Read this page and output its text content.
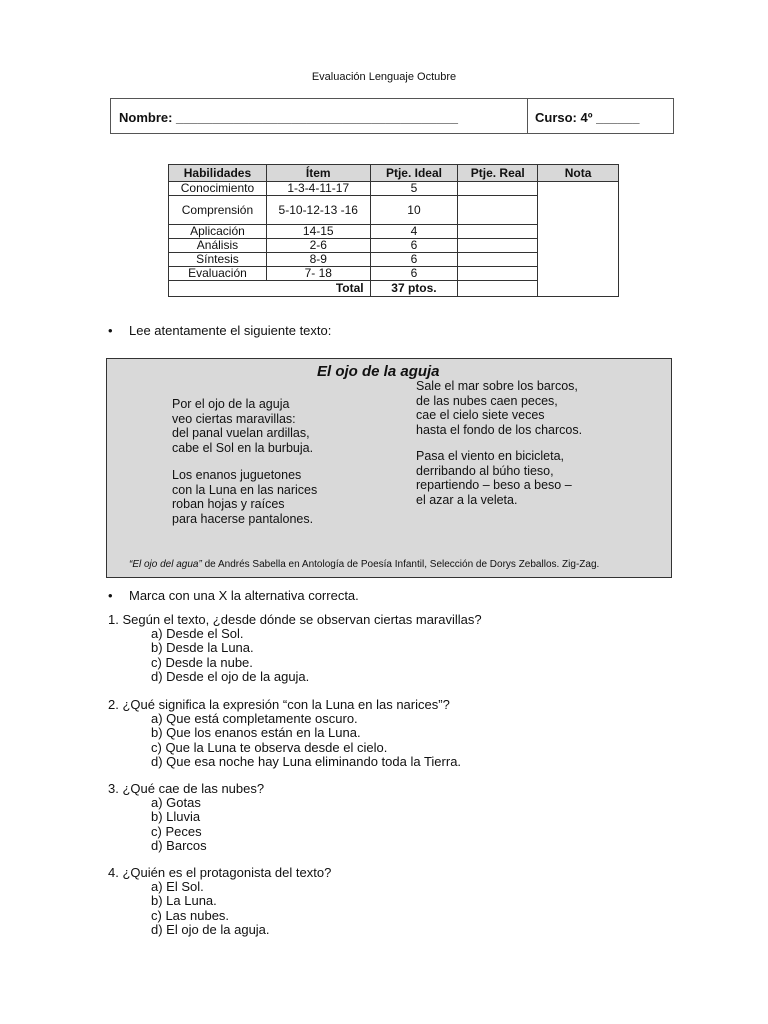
Evaluación Lenguaje Octubre
Nombre: _______________________________________	Curso: 4º ______
Habilidades	Ítem	Ptje. Ideal	Ptje. Real	Nota
Conocimiento	1-3-4-11-17	5		
Comprensión	5-10-12-13 -16	10		
Aplicación	14-15	4		
Análisis	2-6	6		
Síntesis	8-9	6		
Evaluación	7- 18	6		
Total		37 ptos.		
• Lee atentamente el siguiente texto:
El ojo de la aguja
Por el ojo de la aguja
veo ciertas maravillas:
del panal vuelan ardillas,
cabe el Sol en la burbuja.
Los enanos juguetones
con la Luna en las narices
roban hojas y raíces
para hacerse pantalones.
Sale el mar sobre los barcos,
de las nubes caen peces,
cae el cielo siete veces
hasta el fondo de los charcos.
Pasa el viento en bicicleta,
derribando al búho tieso,
repartiendo – beso a beso –
el azar a la veleta.
“El ojo del agua” de Andrés Sabella en Antología de Poesía Infantil, Selección de Dorys Zeballos. Zig-Zag.
• Marca con una X la alternativa correcta.
1. Según el texto, ¿desde dónde se observan ciertas maravillas?
a) Desde el Sol.
b) Desde la Luna.
c) Desde la nube.
d) Desde el ojo de la aguja.
2. ¿Qué significa la expresión “con la Luna en las narices”?
a) Que está completamente oscuro.
b) Que los enanos están en la Luna.
c) Que la Luna te observa desde el cielo.
d) Que esa noche hay Luna eliminando toda la Tierra.
3. ¿Qué cae de las nubes?
a) Gotas
b) Lluvia
c) Peces
d) Barcos
4. ¿Quién es el protagonista del texto?
a) El Sol.
b) La Luna.
c) Las nubes.
d) El ojo de la aguja.
